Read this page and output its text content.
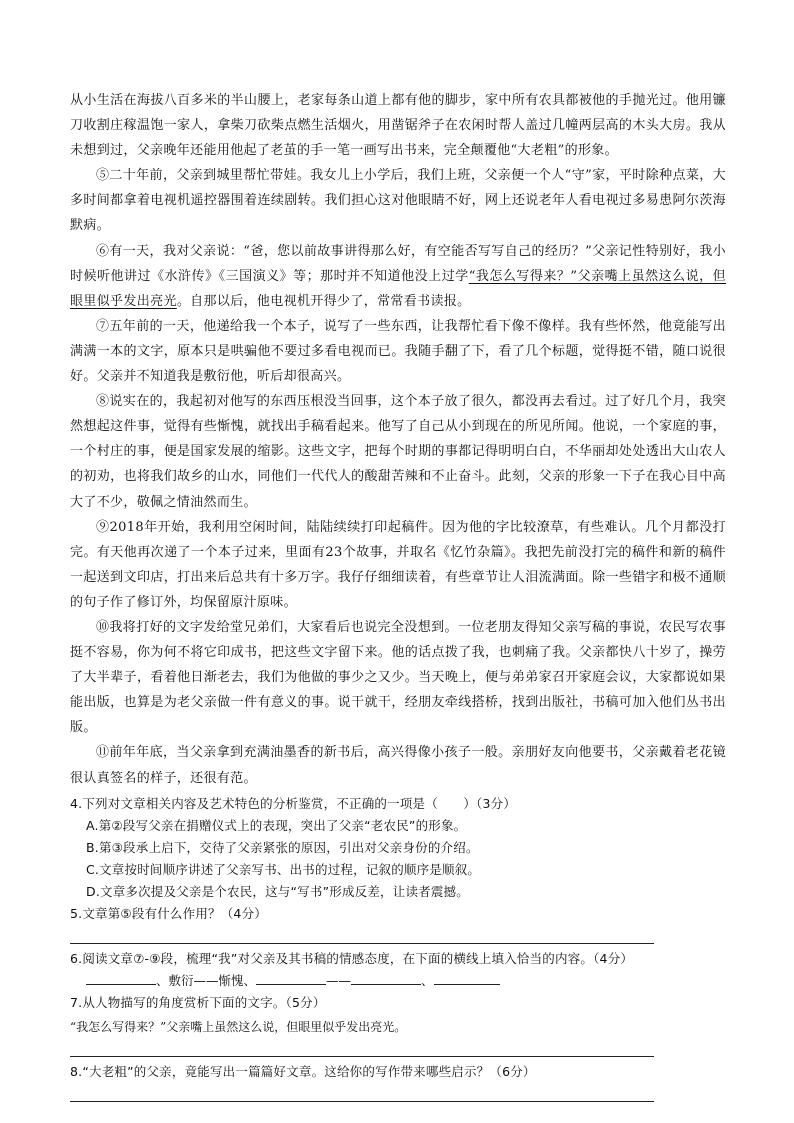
从小生活在海拔八百多米的半山腰上，老家每条山道上都有他的脚步，家中所有农具都被他的手抛光过。他用镰刀收割庄稼温饱一家人，拿柴刀砍柴点燃生活烟火，用凿锯斧子在农闲时帮人盖过几幢两层高的木头大房。我从未想到过，父亲晚年还能用他起了老茧的手一笔一画写出书来，完全颠覆他“大老粗”的形象。

⑤二十年前，父亲到城里帮忙带娃。我女儿上小学后，我们上班，父亲便一个人“守”家，平时除种点菜，大多时间都拿着电视机遥控器围着连续剧转。我们担心这对他眼睛不好，网上还说老年人看电视过多易患阿尔茨海默病。

⑥有一天，我对父亲说：“爸，您以前故事讲得那么好，有空能否写写自己的经历？”父亲记性特别好，我小时候听他讲过《水浒传》《三国演义》等；那时并不知道他没上过学“我怎么写得来？”父亲嘴上虽然这么说，但眼里似乎发出亮光。自那以后，他电视机开得少了，常常看书读报。

⑦五年前的一天，他递给我一个本子，说写了一些东西，让我帮忙看下像不像样。我有些怀然，他竟能写出满满一本的文字，原本只是哄骗他不要过多看电视而已。我随手翻了下，看了几个标题，觉得挺不错，随口说很好。父亲并不知道我是敷衍他，听后却很高兴。

⑧说实在的，我起初对他写的东西压根没当回事，这个本子放了很久，都没再去看过。过了好几个月，我突然想起这件事，觉得有些惭愧，就找出手稿看起来。他写了自己从小到现在的所见所闻。他说，一个家庭的事，一个村庄的事，便是国家发展的缩影。这些文字，把每个时期的事都记得明明白白，不华丽却处处透出大山农人的初劝，也将我们故乡的山水，同他们一代代人的酸甜苦辣和不止奋斗。此刻，父亲的形象一下子在我心目中高大了不少，敬佩之情油然而生。

⑨2018年开始，我利用空闲时间，陆陆续续打印起稿件。因为他的字比较潦草，有些难认。几个月都没打完。有天他再次递了一个本子过来，里面有23个故事，并取名《忆竹杂篇》。我把先前没打完的稿件和新的稿件一起送到文印店，打出来后总共有十多万字。我仔仔细细读着，有些章节让人泪流满面。除一些错字和极不通顺的句子作了修订外，均保留原汁原味。

⑩我将打好的文字发给堂兄弟们，大家看后也说完全没想到。一位老朋友得知父亲写稿的事说，农民写农事挺不容易，你为何不将它印成书，把这些文字留下来。他的话点拨了我，也刺痛了我。父亲都快八十岁了，操劳了大半辈子，看着他日渐老去，我们为他做的事少之又少。当天晚上，便与弟弟家召开家庭会议，大家都说如果能出版，也算是为老父亲做一件有意义的事。说干就干，经朋友牵线搭桥，找到出版社，书稿可加入他们丛书出版。

⑪前年年底，当父亲拿到充满油墨香的新书后，高兴得像小孩子一般。亲朋好友向他要书，父亲戴着老花镜很认真签名的样子，还很有范。

4.下列对文章相关内容及艺术特色的分析鉴赏，不正确的一项是（　　）（3分）

A.第②段写父亲在捐赠仪式上的表现，突出了父亲“老农民”的形象。

B.第③段承上启下，交待了父亲紧张的原因，引出对父亲身份的介绍。

C.文章按时间顺序讲述了父亲写书、出书的过程，记叙的顺序是顺叙。

D.文章多次提及父亲是个农民，这与“写书”形成反差，让读者震撼。

5.文章第⑤段有什么作用？（4分）

6.阅读文章⑦-⑨段，梳理“我”对父亲及其书稿的情感态度，在下面的横线上填入恰当的内容。（4分）

、敷衍——惭愧、	——	、

7.从人物描写的角度赏析下面的文字。（5分）

“我怎么写得来？”父亲嘴上虽然这么说，但眼里似乎发出亮光。

8.“大老粗”的父亲，竟能写出一篇篇好文章。这给你的写作带来哪些启示？（6分）
